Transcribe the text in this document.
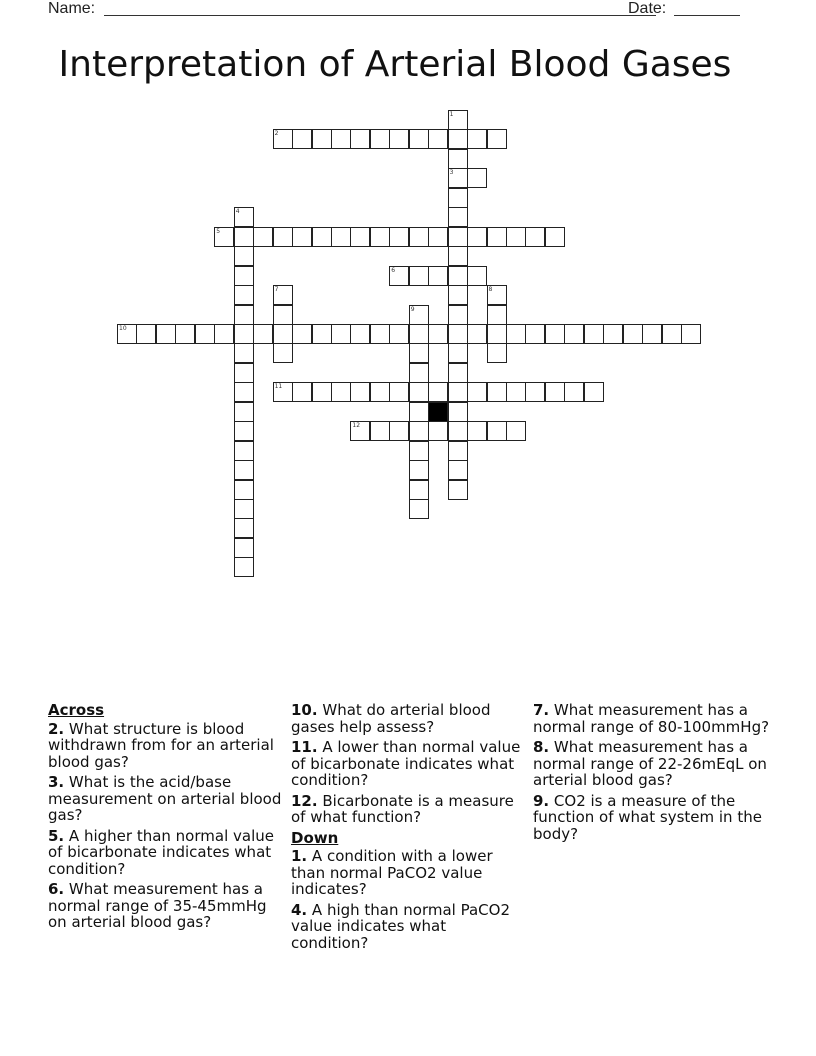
Name:	Date:
Interpretation of Arterial Blood Gases
1
3
2
4
5
6
7	8
9
10
11
12
Across
2. What structure is blood withdrawn from for an arterial blood gas?
3. What is the acid/base measurement on arterial blood gas?
5. A higher than normal value of bicarbonate indicates what condition?
6. What measurement has a normal range of 35-45mmHg on arterial blood gas?
10. What do arterial blood gases help assess?
11. A lower than normal value of bicarbonate indicates what condition?
12. Bicarbonate is a measure of what function?
Down
1. A condition with a lower than normal PaCO2 value indicates?
4. A high than normal PaCO2 value indicates what condition?
7. What measurement has a normal range of 80-100mmHg?
8. What measurement has a normal range of 22-26mEqL on arterial blood gas?
9. CO2 is a measure of the function of what system in the body?
